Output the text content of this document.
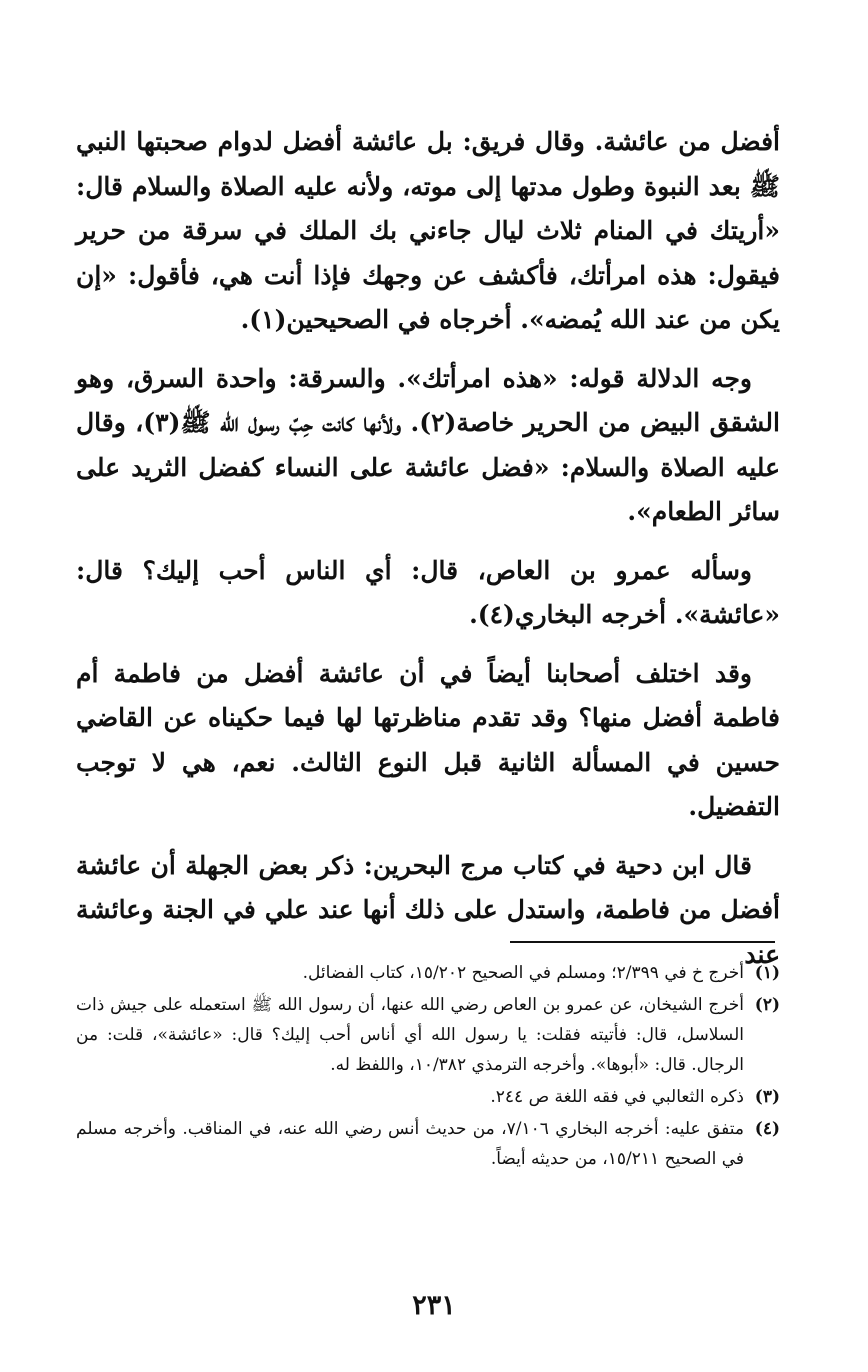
أفضل من عائشة. وقال فريق: بل عائشة أفضل لدوام صحبتها النبي ﷺ بعد النبوة وطول مدتها إلى موته، ولأنه عليه الصلاة والسلام قال: «أريتك في المنام ثلاث ليال جاءني بك الملك في سرقة من حرير فيقول: هذه امرأتك، فأكشف عن وجهك فإذا أنت هي، فأقول: «إن يكن من عند الله يُمضه». أخرجاه في الصحيحين(١).

وجه الدلالة قوله: «هذه امرأتك». والسرقة: واحدة السرق، وهو الشقق البيض من الحرير خاصة(٢). ولأنها كانت حِبّ رسول الله ﷺ(٣)، وقال عليه الصلاة والسلام: «فضل عائشة على النساء كفضل الثريد على سائر الطعام».

وسأله عمرو بن العاص، قال: أي الناس أحب إليك؟ قال: «عائشة». أخرجه البخاري(٤).

وقد اختلف أصحابنا أيضاً في أن عائشة أفضل من فاطمة أم فاطمة أفضل منها؟ وقد تقدم مناظرتها لها فيما حكيناه عن القاضي حسين في المسألة الثانية قبل النوع الثالث. نعم، هي لا توجب التفضيل.

قال ابن دحية في كتاب مرج البحرين: ذكر بعض الجهلة أن عائشة أفضل من فاطمة، واستدل على ذلك أنها عند علي في الجنة وعائشة عند

(١)
أخرج خ في ٢/٣٩٩؛ ومسلم في الصحيح ١٥/٢٠٢، كتاب الفضائل.
(٢)
أخرج الشيخان، عن عمرو بن العاص رضي الله عنها، أن رسول الله ﷺ استعمله على جيش ذات السلاسل، قال: فأتيته فقلت: يا رسول الله أي أناس أحب إليك؟ قال: «عائشة»، قلت: من الرجال. قال: «أبوها». وأخرجه الترمذي ١٠/٣٨٢، واللفظ له.
(٣)
ذكره الثعالبي في فقه اللغة ص ٢٤٤.
(٤)
متفق عليه: أخرجه البخاري ٧/١٠٦، من حديث أنس رضي الله عنه، في المناقب. وأخرجه مسلم في الصحيح ١٥/٢١١، من حديثه أيضاً.
٢٣١
